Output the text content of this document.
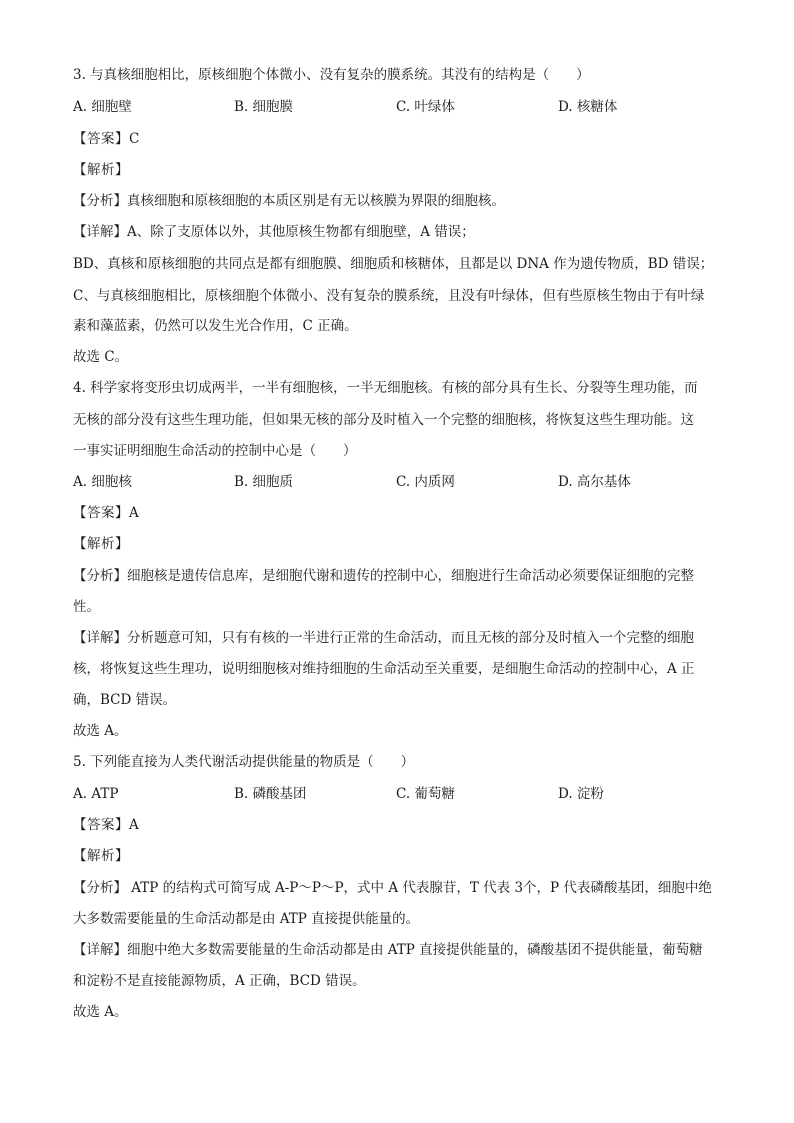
3. 与真核细胞相比，原核细胞个体微小、没有复杂的膜系统。其没有的结构是（　　）
A. 细胞壁	B. 细胞膜	C. 叶绿体	D. 核糖体
【答案】C
【解析】
【分析】真核细胞和原核细胞的本质区别是有无以核膜为界限的细胞核。
【详解】A、除了支原体以外，其他原核生物都有细胞壁，A 错误；
BD、真核和原核细胞的共同点是都有细胞膜、细胞质和核糖体，且都是以 DNA 作为遗传物质，BD 错误；
C、与真核细胞相比，原核细胞个体微小、没有复杂的膜系统，且没有叶绿体，但有些原核生物由于有叶绿
素和藻蓝素，仍然可以发生光合作用，C 正确。
故选 C。
4. 科学家将变形虫切成两半，一半有细胞核，一半无细胞核。有核的部分具有生长、分裂等生理功能，而
无核的部分没有这些生理功能，但如果无核的部分及时植入一个完整的细胞核，将恢复这些生理功能。这
一事实证明细胞生命活动的控制中心是（　　）
A. 细胞核	B. 细胞质	C. 内质网	D. 高尔基体
【答案】A
【解析】
【分析】细胞核是遗传信息库，是细胞代谢和遗传的控制中心，细胞进行生命活动必须要保证细胞的完整
性。
【详解】分析题意可知，只有有核的一半进行正常的生命活动，而且无核的部分及时植入一个完整的细胞
核，将恢复这些生理功，说明细胞核对维持细胞的生命活动至关重要，是细胞生命活动的控制中心，A 正
确，BCD 错误。
故选 A。
5. 下列能直接为人类代谢活动提供能量的物质是（　　）
A. ATP	B. 磷酸基团	C. 葡萄糖	D. 淀粉
【答案】A
【解析】
【分析】 ATP 的结构式可简写成 A-P～P～P，式中 A 代表腺苷，T 代表 3个，P 代表磷酸基团，细胞中绝
大多数需要能量的生命活动都是由 ATP 直接提供能量的。
【详解】细胞中绝大多数需要能量的生命活动都是由 ATP 直接提供能量的，磷酸基团不提供能量，葡萄糖
和淀粉不是直接能源物质，A 正确，BCD 错误。
故选 A。
